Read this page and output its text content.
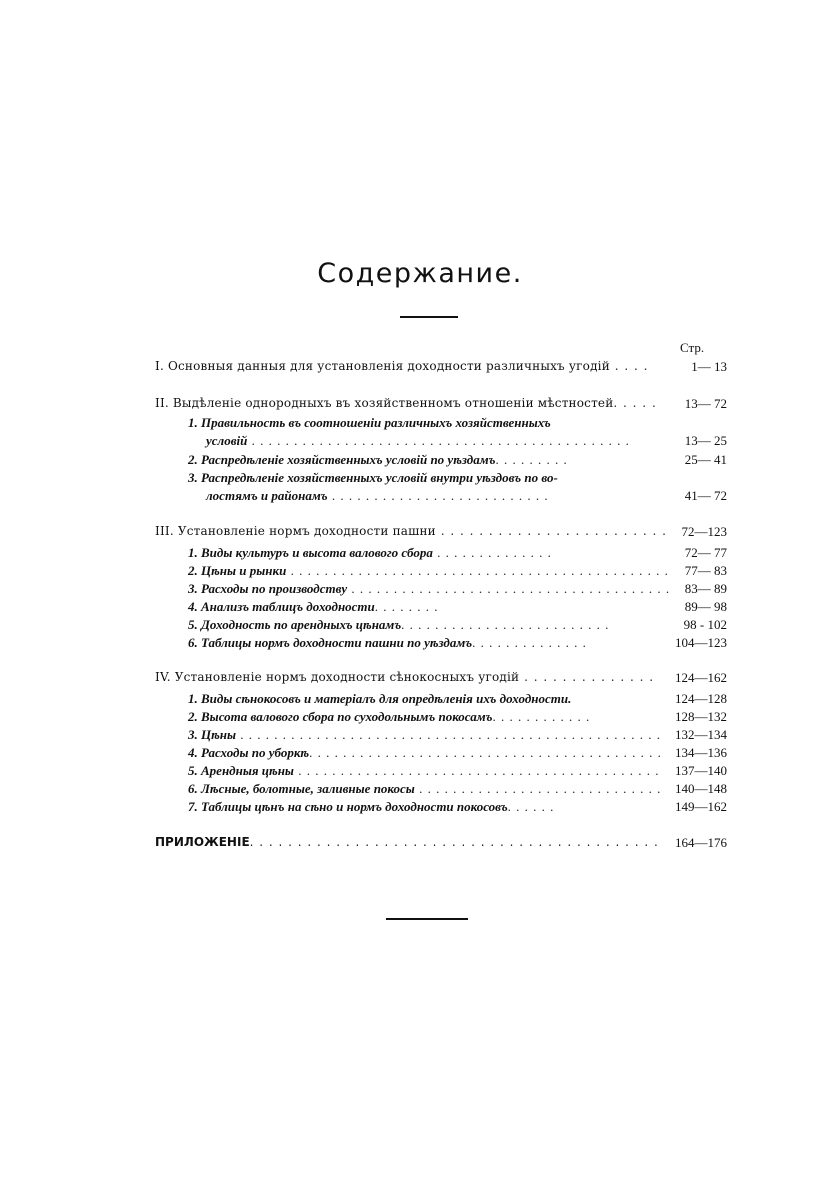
Содержание.
Стр.
I. Основныя данныя для установленія доходности различныхъ угодій . . . .	1— 13
II. Выдѣленіе однородныхъ въ хозяйственномъ отношеніи мѣстностей. . . . . 13— 72
1. Правильность въ соотношеніи различныхъ хозяйственныхъ
условій . . . . . . . . . . . . . . . . . . . . . . . . . . . . . . . . . . . . . . . . . . . . .	13— 25
2. Распредѣленіе хозяйственныхъ условій по уѣздамъ. . . . . . . . .	25— 41
3. Распредѣленіе хозяйственныхъ условій внутри уѣздовъ по во-
лостямъ и районамъ . . . . . . . . . . . . . . . . . . . . . . . . . .	41— 72
III. Установленіе нормъ доходности пашни . . . . . . . . . . . . . . . . . . . . . . . . 72—123
1. Виды культуръ и высота валового сбора . . . . . . . . . . . . . .	72— 77
2. Цѣны и рынки . . . . . . . . . . . . . . . . . . . . . . . . . . . . . . . . . . . . . . . . . . . . . 77— 83
3. Расходы по производству . . . . . . . . . . . . . . . . . . . . . . . . . . . . . . . . . . . . . . 83— 89
4. Анализъ таблицъ доходности. . . . . . . .	89— 98
5. Доходность по арендныхъ цѣнамъ. . . . . . . . . . . . . . . . . . . . . . . . .	98 - 102
6. Таблицы нормъ доходности пашни по уѣздамъ. . . . . . . . . . . . . .	104—123
IV. Установленіе нормъ доходности сѣнокосныхъ угодій . . . . . . . . . . . . . . 124—162
1. Виды сѣнокосовъ и матеріалъ для опредѣленія ихъ доходности.	124—128
2. Высота валового сбора по суходольнымъ покосамъ. . . . . . . . . . . .	128—132
3. Цѣны . . . . . . . . . . . . . . . . . . . . . . . . . . . . . . . . . . . . . . . . . . . . . . . . . . 132—134
4. Расходы по уборкѣ. . . . . . . . . . . . . . . . . . . . . . . . . . . . . . . . . . . . . . . . . . 134—136
5. Арендныя цѣны . . . . . . . . . . . . . . . . . . . . . . . . . . . . . . . . . . . . . . . . . . . 137—140
6. Лѣсные, болотные, заливные покосы . . . . . . . . . . . . . . . . . . . . . . . . . . . . . 140—148
7. Таблицы цѣнъ на сѣно и нормъ доходности покосовъ. . . . . .	149—162
ПРИЛОЖЕНІЕ. . . . . . . . . . . . . . . . . . . . . . . . . . . . . . . . . . . . . . . . . . . 164—176
